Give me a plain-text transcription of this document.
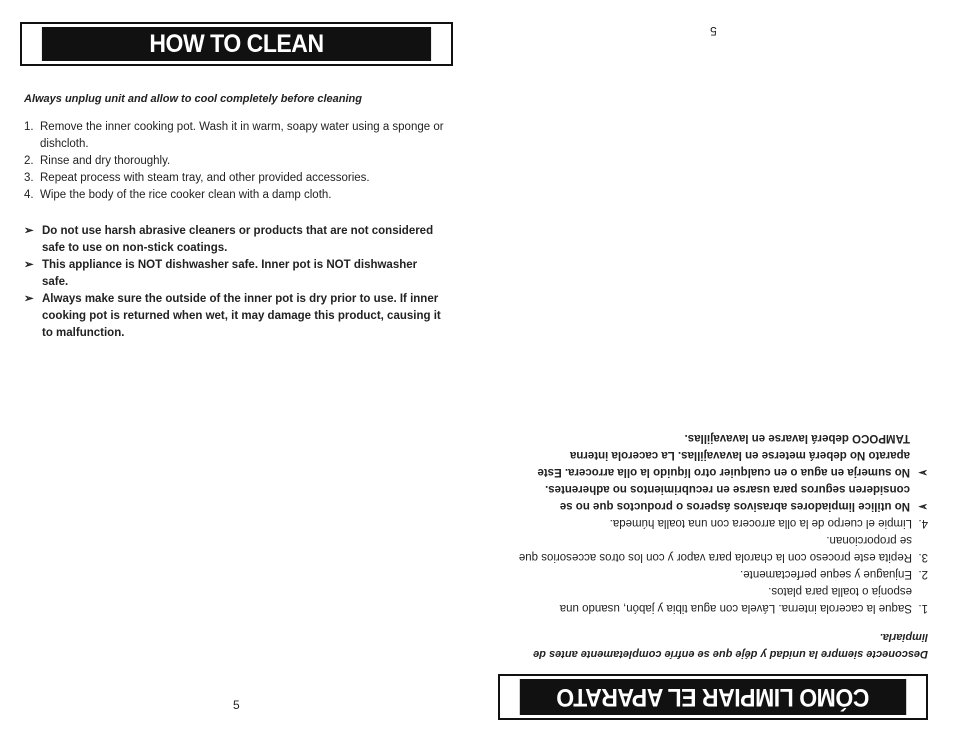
HOW TO CLEAN
Always unplug unit and allow to cool completely before cleaning
1. Remove the inner cooking pot. Wash it in warm, soapy water using a sponge or dishcloth.
2. Rinse and dry thoroughly.
3. Repeat process with steam tray, and other provided accessories.
4. Wipe the body of the rice cooker clean with a damp cloth.
➢ Do not use harsh abrasive cleaners or products that are not considered safe to use on non-stick coatings.
➢ This appliance is NOT dishwasher safe. Inner pot is NOT dishwasher safe.
➢ Always make sure the outside of the inner pot is dry prior to use. If inner cooking pot is returned when wet, it may damage this product, causing it to malfunction.
5
5
CÓMO LIMPIAR EL APARATO
Desconecte siempre la unidad y déje que se enfríe completamente antes de limpiarla.
1.
Saque la cacerola interna. Lávela con agua tibia y jabón, usando una esponja o toalla para platos.
2.
Enjuague y seque perfectamente.
3.
Repita este proceso con la charola para vapor y con los otros accesorios que se proporcionan.
4.
Limpie el cuerpo de la olla arrocera con una toalla húmeda.
➢
No utilice limpiadores abrasivos ásperos o productos que no se consideren seguros para usarse en recubrimientos no adherentes.
➢
No sumerja en agua o en cualquier otro líquido la olla arrocera. Este aparato No deberá meterse en lavavajillas. La cacerola interna TAMPOCO deberá lavarse en lavavajillas.
